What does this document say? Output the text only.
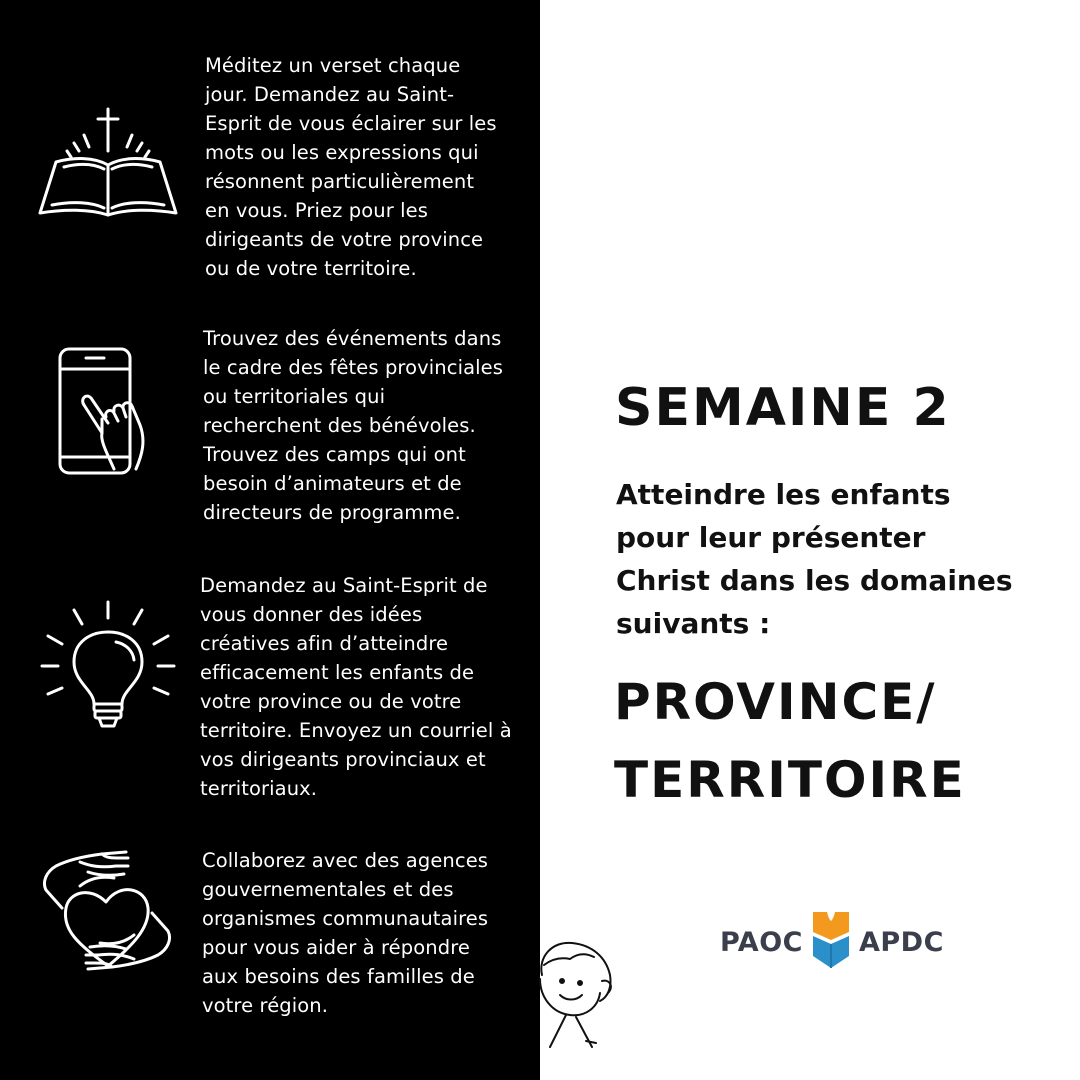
Méditez un verset chaque
jour. Demandez au Saint-
Esprit de vous éclairer sur les
mots ou les expressions qui
résonnent particulièrement
en vous. Priez pour les
dirigeants de votre province
ou de votre territoire.
Trouvez des événements dans
le cadre des fêtes provinciales
ou territoriales qui
recherchent des bénévoles.
Trouvez des camps qui ont
besoin d’animateurs et de
directeurs de programme.
Demandez au Saint-Esprit de
vous donner des idées
créatives afin d’atteindre
efficacement les enfants de
votre province ou de votre
territoire. Envoyez un courriel à
vos dirigeants provinciaux et
territoriaux.
Collaborez avec des agences
gouvernementales et des
organismes communautaires
pour vous aider à répondre
aux besoins des familles de
votre région.
SEMAINE 2
Atteindre les enfants
pour leur présenter
Christ dans les domaines
suivants :
PROVINCE/
TERRITOIRE
PAOC APDC
